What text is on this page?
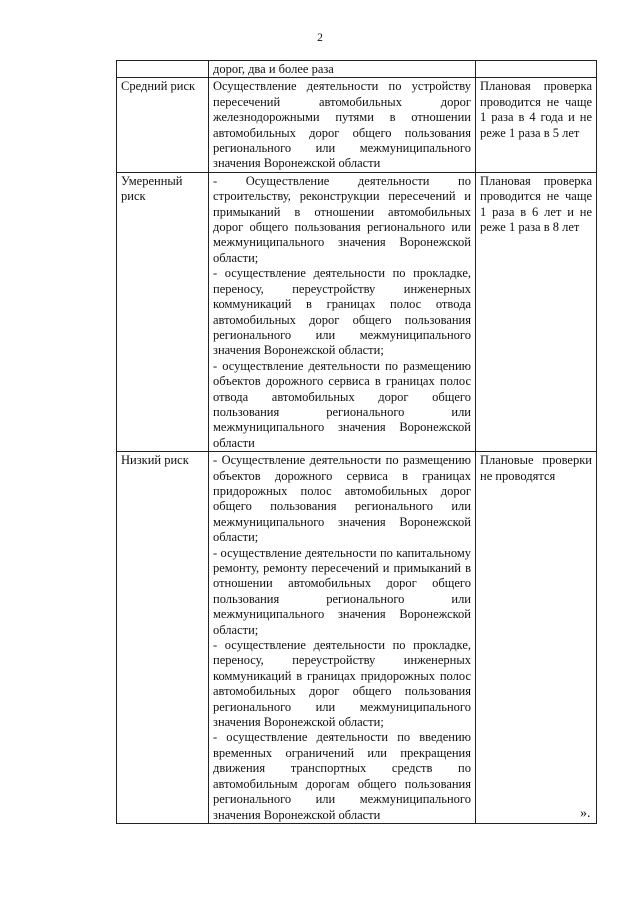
2
	дорог, два и более раза	
Средний риск	Осуществление деятельности по устройству пересечений автомобильных дорог железнодорожными путями в отношении автомобильных дорог общего пользования регионального или межмуниципального значения Воронежской области	Плановая проверка проводится не чаще 1 раза в 4 года и не реже 1 раза в 5 лет
Умеренный риск	- Осуществление деятельности по строительству, реконструкции пересечений и примыканий в отношении автомобильных дорог общего пользования регионального или межмуниципального значения Воронежской области;

- осуществление деятельности по прокладке, переносу, переустройству инженерных коммуникаций в границах полос отвода автомобильных дорог общего пользования регионального или межмуниципального значения Воронежской области;

- осуществление деятельности по размещению объектов дорожного сервиса в границах полос отвода автомобильных дорог общего пользования регионального или межмуниципального значения Воронежской области	Плановая проверка проводится не чаще 1 раза в 6 лет и не реже 1 раза в 8 лет
Низкий риск	- Осуществление деятельности по размещению объектов дорожного сервиса в границах придорожных полос автомобильных дорог общего пользования регионального или межмуниципального значения Воронежской области;

- осуществление деятельности по капитальному ремонту, ремонту пересечений и примыканий в отношении автомобильных дорог общего пользования регионального или межмуниципального значения Воронежской области;

- осуществление деятельности по прокладке, переносу, переустройству инженерных коммуникаций в границах придорожных полос автомобильных дорог общего пользования регионального или межмуниципального значения Воронежской области;

- осуществление деятельности по введению временных ограничений или прекращения движения транспортных средств по автомобильным дорогам общего пользования регионального или межмуниципального значения Воронежской области	Плановые проверки не проводятся
».
